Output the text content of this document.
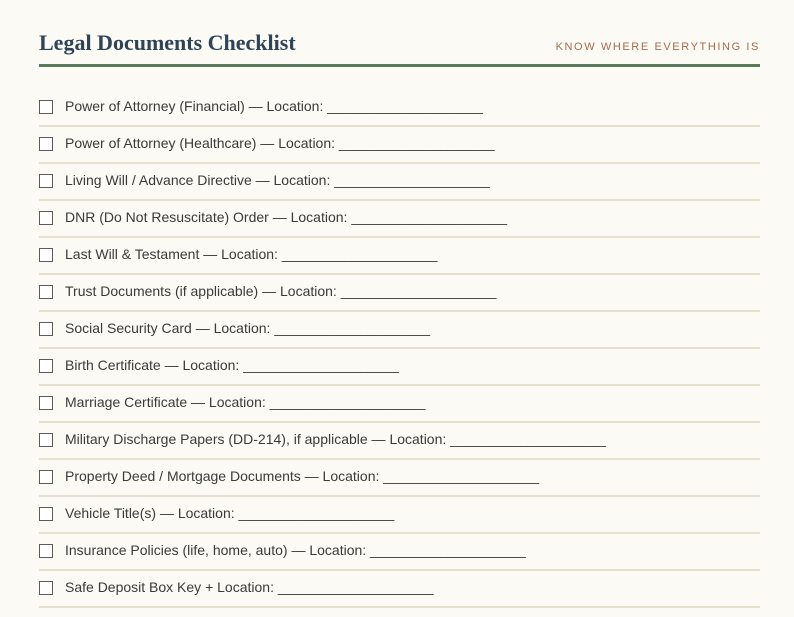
Legal Documents Checklist	KNOW WHERE EVERYTHING IS
Power of Attorney (Financial) — Location: ____________________
Power of Attorney (Healthcare) — Location: ____________________
Living Will / Advance Directive — Location: ____________________
DNR (Do Not Resuscitate) Order — Location: ____________________
Last Will & Testament — Location: ____________________
Trust Documents (if applicable) — Location: ____________________
Social Security Card — Location: ____________________
Birth Certificate — Location: ____________________
Marriage Certificate — Location: ____________________
Military Discharge Papers (DD-214), if applicable — Location: ____________________
Property Deed / Mortgage Documents — Location: ____________________
Vehicle Title(s) — Location: ____________________
Insurance Policies (life, home, auto) — Location: ____________________
Safe Deposit Box Key + Location: ____________________
